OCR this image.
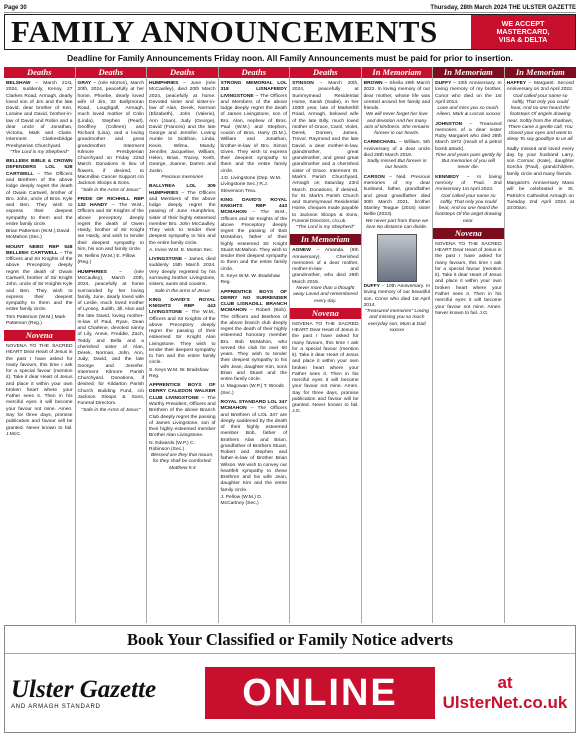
Page 30	Thursday, 28th March 2024 THE ULSTER GAZETTE
FAMILY ANNOUNCEMENTS	WE ACCEPT
MASTERCARD,
VISA & DELTA
Deadline for Family Announcements Friday noon. All Family Announcements must be paid for prior to insertion.
Deaths
BELSHAW – March 21st, 2024, suddenly, Kenny, 27 Clarkes Road, Armagh, dearly loved son of Jim and the late David, dear brother of Ken, Loraine and David, brother-in-law of David and Robin and a dear uncle of Jonathan, Victoria, Mark and Claire. Interment Clarkesbridge Presbyterian Churchyard.
"The Lord is my Shepherd"
BELLEEK BIBLE & CROWN DEFENDERS LOL 528 CARTWELL – The Officers and Brethren of the above lodge deeply regret the death of Owain Cartwell, brother of Bro. John, uncle of Bros. Kyle and Ben. They wish to express their deepest sympathy to them and the entire family circle.
Brian Patterson (W.M.) David McMahon (Sec.)
MOUNT NEBO RBP 548 BELLEEK CARTWELL – The Officers and Sir Knights of the above Preceptory deeply regret the death of Owain Cartwell, brother of Sir Knight John, uncle of Sir Knights Kyle and Ben. They wish to express their deepest sympathy to them and the entire family circle.
Tom Patterson (W.M.) Mark Patterson (Reg.)
Novena
NOVENA TO THE SACRED HEART Dear Heart of Jesus in the past I have asked for many favours, this time I ask for a special favour (mention it). Take it dear Heart of Jesus and place it within your own broken heart where your Father sees it. Then in his merciful eyes it will become your favour not mine. Amen. Say for three days, promise publication and favour will be granted. Never known to fail. J.McC.
Deaths
GRAY – (née Morton), March 20th, 2024, peacefully at her home, Phoebe, dearly loved wife of Jim, 32 Ballymoran Road, Loughgall, Armagh, much loved mother of Colin (Linda), Stephen (Pearl), Geoffrey (Colleen) and Richard (Lisa), and a loving grandmother and great grandmother. Interment Kilmore Presbyterian Churchyard on Friday 22nd March. Donations in lieu of flowers, if desired, to Macmillan Cancer Support c/o Jackson Sloops & Sons.
"Safe in the Arms of Jesus"
PRIDE OF RICHHILL RBP 132 HANDY – The W.M., Officers and Sir Knights of the above preceptory deeply regret the death of Owen Hardy, brother of Sir Knight Ian Hardy, and wish to tender their deepest sympathy to him, his son and family circle.
W. Nellins (W.M.) E. Pillow (Reg.)
HUMPHRIES	– (née McCaulley), March 20th, 2024, peacefully at home surrounded by her loving family, June, dearly loved wife of Leslie, much loved mother of Lynsey, Judith, Jill, Alan and the late David, loving mother-in-law of Paul, Ryan, Dean and Charlene, devoted nanny of Lily, Annie, Freddie, Zach, Teddy and Bella and a cherished sister of Alan, Derek, Norman, John, Ann, Judy, David, and the late George and Jennifer. Interment Kilmore Parish Churchyard. Donations, if desired, for Kildarton Parish Church Building Fund, c/o Jackson Sloops & Sons, Funeral Directors.
"Safe in the Arms of Jesus"
Deaths
HUMPHRIES – June (née McCaulley), died 20th March 2024, peacefully at home. Devoted sister and sister-in-law of Alan, Derek, Norman (Elizabeth), John (Valerie), Ann (Joan), Judy (George), David (Frances) and the late George and Jennifer. Loving Auntie to Siobhan, Linda, Kevin, Wilma, Mandy, Jennifer, Jacqueline, William, Helen, Brian, Tracey, Keith, George, Joanne, Darren and Justin.
Precious memories
BALLYREA LOL 309 HUMPHRIES – The Officers and Members of the above lodge deeply regret the passing of June Humphries, sister of their highly esteemed member Bro. John McCaulley. They wish to tender their deepest sympathy to him and the entire family circle.
A. Irvine W.M. E. Morton Sec.
LIVINGSTONE – James, died suddenly 15th March 2024. Very deeply regretted by his sorrowing brother Livingstone, sisters, aunts and cousins.
Safe in the arms of Jesus
KING DAVID'S ROYAL KNIGHTS RBP 443 LIVINGSTONE – The W.M., Officers and Sir Knights of the above Preceptory deeply regret the passing of their esteemed Sir Knight Alan Livingstone. They wish to tender their deepest sympathy to him and the entire family circle.
S. Keys W.M. W. Bradshaw Reg.
APPRENTICE BOYS OF DERRY CALEDON WALKER CLUB LIVINGSTONE – The Worthy President, Officers and Brethren of the above Branch Club deeply regret the passing of James Livingstone, son of their highly esteemed member Brother Alan Livingstone.
N. Edwards (W.P.) C. Robinson (Sec.)
Blessed are they that mourn, for they shall be comforted. Matthew 5:4
Deaths
STRONG MEMORIAL LOL 318 LISNAFEEDY LIVINGSTONE – The Officers and Members of the above lodge deeply regret the death of James Livingstone, son of Bro. Alan, nephew of Bros. Paul (W.M.) and Stephen, cousin of Bros. Harry (D.M.), William and Jonathan, brother-in-law of Bro. Simon Given. They wish to express their deepest sympathy to them and the entire family circle.
J.D. Livingstone (Dep. W.M. Livingstone Sec.) R.J. Stevenson Trea.
KING DAVID'S ROYAL KNIGHTS RBP 443 MCMAHON – The W.M., Officers and Sir Knights of the above Preceptory deeply regret the passing of Bob McMahon, father of their highly esteemed Sir Knight Stuart McMahon. They wish to tender their deepest sympathy to them and the entire family circle.
S. Keys W.M. W. Bradshaw Reg.
APPRENTICE BOYS OF DERRY NO SURRENDER CLUB LISNADILL BRANCH MCMAHON – Robert (Bob). The Officers and Brethren of the above branch club deeply regret the death of their highly esteemed honorary member Bro. Bob McMahon, who served the club for over 60 years. They wish to tender their deepest sympathy to his wife Jean, daughter Kim, sons Brian and Stuart and the entire family circle.
U. Magowan (W.P.) T. Woods (Sec.)
ROYAL STANDARD LOL 347 MCMAHON – The Officers and Brethren of LOL 347 are deeply saddened by the death of their highly esteemed member Bob, father of Brothers Alan and Brian, grandfather of Brothers Stuart, Robert and Stephen and father-in-law of Brother Brian Wilson. We wish to convey our heartfelt sympathy to these Brethren and his wife Jean, daughter Kim and the entire family circle.
J. Pellow (W.M.) D. McCartney (Sec.)
Deaths
STINSON – March 20th, 2024, peacefully at Summymead Residential Home, Sarah (Sadie), in her 100th year, late of Markethill Road, Armagh, beloved wife of the late Billy, much loved mother of Grace, Carol, Violet, Derek, Doreen, James, Trevor, Raymond and the late David, a dear mother-in-law, grandmother, great grandmother, and great great grandmother and a cherished sister of Grace. Interment St. Mark's Parish Churchyard, Armagh on Saturday 23rd March. Donations, if desired, for St. Mark's Parish Church and Summymead Residential Home, cheques made payable to Jackson Sloops & Sons, Funeral Directors, c/o.uk.
"The Lord is my Shepherd"
In Memoriam
AGNEW – Amanda. (9th Anniversary). Cherished memories of a dear mother, mother-in-law and grandmother, who died 28th March 2015.
Never more than a thought away Loved and remembered every day.
Novena
NOVENA TO THE SACRED HEART Dear Heart of Jesus in the past I have asked for many favours, this time I ask for a special favour (mention it). Take it dear Heart of Jesus and place it within your own broken heart where your Father sees it. Then in his merciful eyes it will become your favour not mine. Amen. Say for three days, promise publication and favour will be granted. Never known to fail. J.G.
In Memoriam
BROWN – Sheila 29th March 2022. In loving memory of our dear mother, whose life was centred around her family and friends.
We will never forget her love and devotion And her many acts of kindness. She remains forever in our hearts.
CARMICHAEL – William. 5th Anniversary of a dear uncle died 28th March 2019.
Sadly missed But forever in our hearts.
CARSON – Ned. Precious memories of my dear husband, father, grandfather and great grandfather died 30th March 2021, brother Stanley Teague (2016) sister Nellie (2023).
We never part from those we love No distance can divide.
DUFFY – 10th Anniversary. In loving memory of our beautiful son, Conor who died 1st April 2014.
"Treasured memories" Loving and missing you so much everyday son, Mum & Dad xxxxxx
In Memoriam
DUFFY – 10th Anniversary. In loving memory of my brother, Conor who died on the 1st April 2014.
Love and miss you so much. Aileen, Mark & Lorcan xxxxxx
JOHNSTON – Treasured memories of a dear sister Ruby Margaret who died 28th March 1972 (result of a petrol bomb attack).
Time and years pass gently by But memories of you will never die.
KENNEDY – In loving memory of Paul. 2nd Anniversary 1st April 2023.
God called your name so softly, That only you could hear, And no one heard the footsteps Of the angel drawing near.
Novena
NOVENA TO THE SACRED HEART Dear Heart of Jesus in the past I have asked for many favours, this time I ask for a special favour (mention it). Take it dear Heart of Jesus and place it within your own broken heart where your Father sees it. Then in his merciful eyes it will become your favour not mine. Amen. Never known to fail. J.G.
In Memoriam
HAFFEY – Margaret. Second Anniversary on 2nd April 2022.
God called your name so softly, That only you could hear, And no one heard the footsteps Of angels drawing near. Softly from the shadows, There came a gentle call, You closed your eyes and went to sleep To say goodbye to us all.
Sadly missed and loved every day by your husband Larry, son Cormac (Kate), daughter Sorcha (Paul), grandchildren, family circle and many friends.
Margaret's Anniversary Mass will be celebrated in St. Patrick's Cathedral Armagh on Tuesday 2nd April 2024 at 10:00am.
Book Your Classified or Family Notice adverts
Ulster Gazette
AND ARMAGH STANDARD	ONLINE	at UlsterNet.co.uk
